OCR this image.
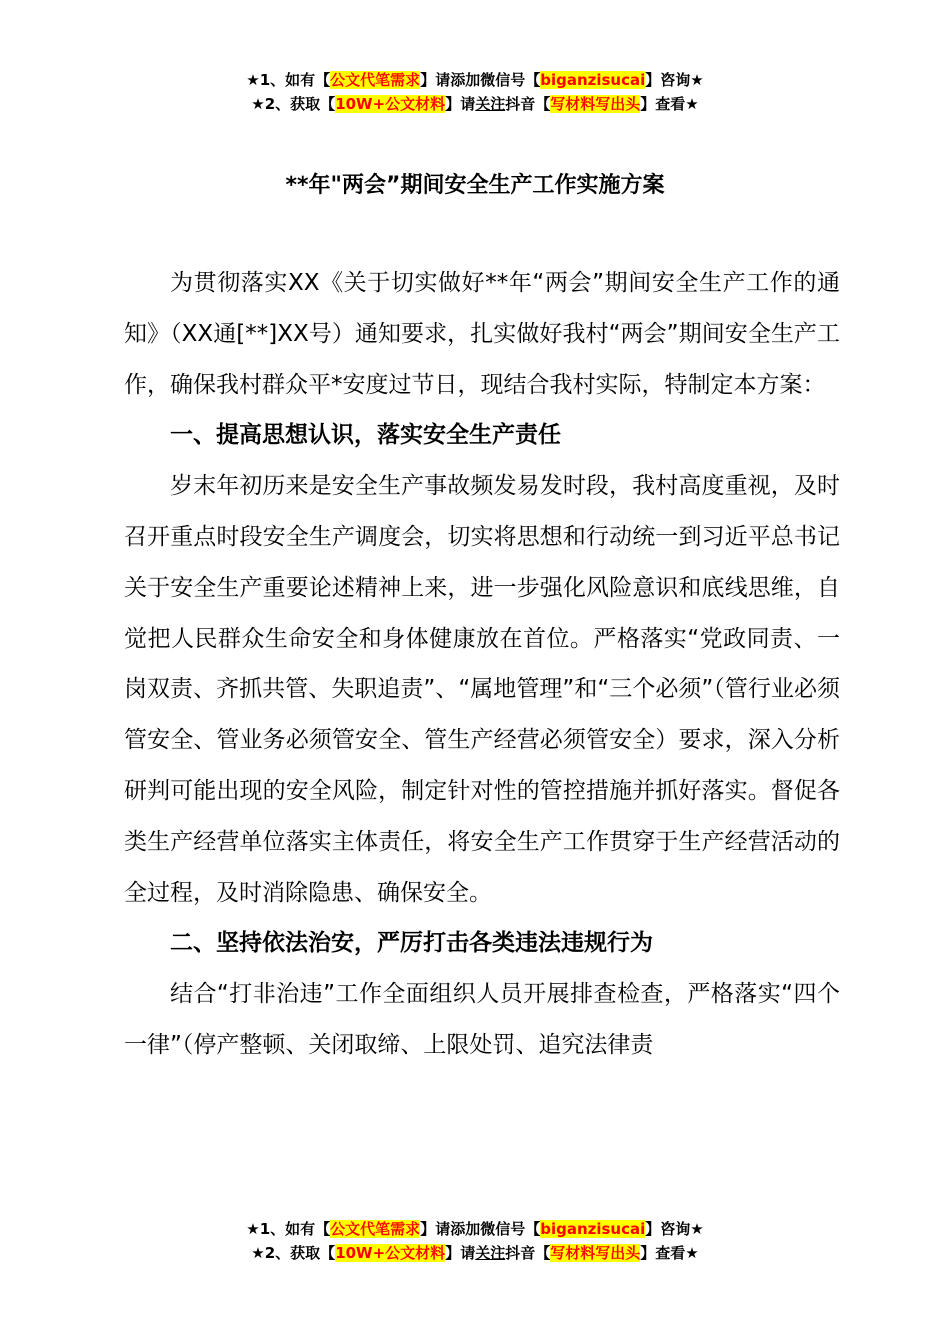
★1、如有【公文代笔需求】请添加微信号【biganzisucai】咨询★
★2、获取【10W+公文材料】请关注抖音【写材料写出头】查看★
**年"两会”期间安全生产工作实施方案

为贯彻落实XX《关于切实做好**年“两会”期间安全生产工作的通知》（XX通[**]XX号）通知要求，扎实做好我村“两会”期间安全生产工作，确保我村群众平*安度过节日，现结合我村实际，特制定本方案：

一、提高思想认识，落实安全生产责任

岁末年初历来是安全生产事故频发易发时段，我村高度重视，及时召开重点时段安全生产调度会，切实将思想和行动统一到习近平总书记关于安全生产重要论述精神上来，进一步强化风险意识和底线思维，自觉把人民群众生命安全和身体健康放在首位。严格落实“党政同责、一岗双责、齐抓共管、失职追责”、“属地管理”和“三个必须”（管行业必须管安全、管业务必须管安全、管生产经营必须管安全）要求，深入分析研判可能出现的安全风险，制定针对性的管控措施并抓好落实。督促各类生产经营单位落实主体责任，将安全生产工作贯穿于生产经营活动的全过程，及时消除隐患、确保安全。

二、坚持依法治安，严厉打击各类违法违规行为

结合“打非治违”工作全面组织人员开展排查检查，严格落实“四个一律”（停产整顿、关闭取缔、上限处罚、追究法律责

★1、如有【公文代笔需求】请添加微信号【biganzisucai】咨询★
★2、获取【10W+公文材料】请关注抖音【写材料写出头】查看★
